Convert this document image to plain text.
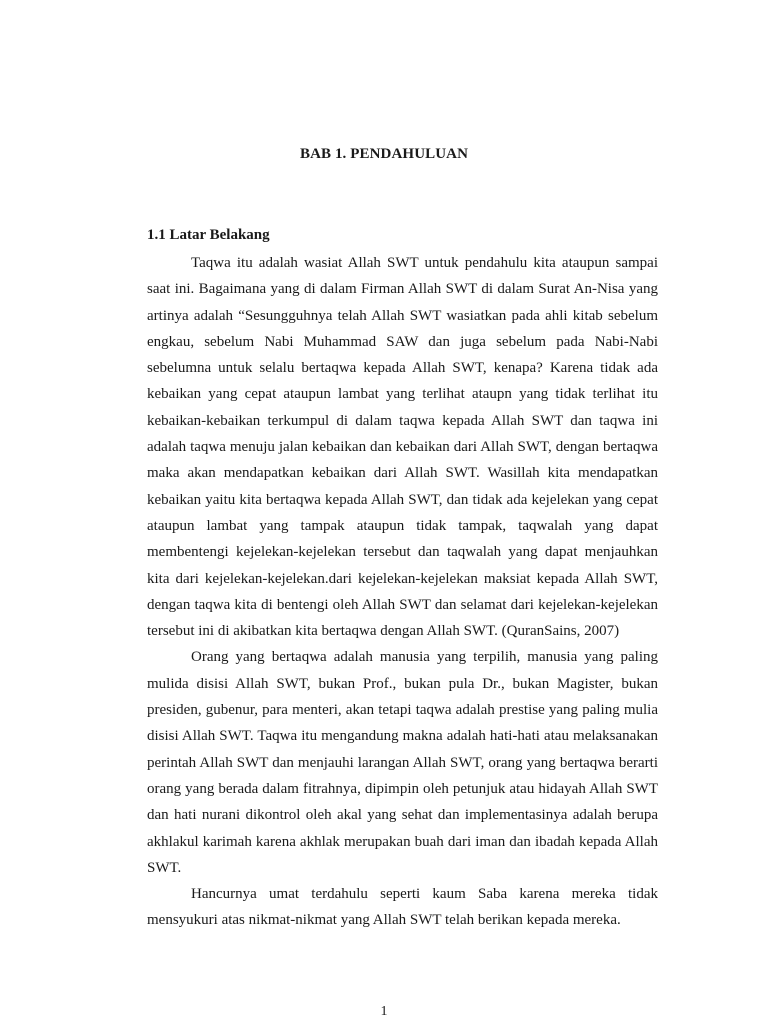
BAB 1. PENDAHULUAN
1.1 Latar Belakang

Taqwa itu adalah wasiat Allah SWT untuk pendahulu kita ataupun sampai saat ini. Bagaimana yang di dalam Firman Allah SWT di dalam Surat An-Nisa yang artinya adalah “Sesungguhnya telah Allah SWT wasiatkan pada ahli kitab sebelum engkau, sebelum Nabi Muhammad SAW dan juga sebelum pada Nabi-Nabi sebelumna untuk selalu bertaqwa kepada Allah SWT, kenapa? Karena tidak ada kebaikan yang cepat ataupun lambat yang terlihat ataupn yang tidak terlihat itu kebaikan-kebaikan terkumpul di dalam taqwa kepada Allah SWT dan taqwa ini adalah taqwa menuju jalan kebaikan dan kebaikan dari Allah SWT, dengan bertaqwa maka akan mendapatkan kebaikan dari Allah SWT. Wasillah kita mendapatkan kebaikan yaitu kita bertaqwa kepada Allah SWT, dan tidak ada kejelekan yang cepat ataupun lambat yang tampak ataupun tidak tampak, taqwalah yang dapat membentengi kejelekan-kejelekan tersebut dan taqwalah yang dapat menjauhkan kita dari kejelekan-kejelekan.dari kejelekan-kejelekan maksiat kepada Allah SWT, dengan taqwa kita di bentengi oleh Allah SWT dan selamat dari kejelekan-kejelekan tersebut ini di akibatkan kita bertaqwa dengan Allah SWT. (QuranSains, 2007)

Orang yang bertaqwa adalah manusia yang terpilih, manusia yang paling mulida disisi Allah SWT, bukan Prof., bukan pula Dr., bukan Magister, bukan presiden, gubenur, para menteri, akan tetapi taqwa adalah prestise yang paling mulia disisi Allah SWT. Taqwa itu mengandung makna adalah hati-hati atau melaksanakan perintah Allah SWT dan menjauhi larangan Allah SWT, orang yang bertaqwa berarti orang yang berada dalam fitrahnya, dipimpin oleh petunjuk atau hidayah Allah SWT dan hati nurani dikontrol oleh akal yang sehat dan implementasinya adalah berupa akhlakul karimah karena akhlak merupakan buah dari iman dan ibadah kepada Allah SWT.

Hancurnya umat terdahulu seperti kaum Saba karena mereka tidak mensyukuri atas nikmat-nikmat yang Allah SWT telah berikan kepada mereka.

1
